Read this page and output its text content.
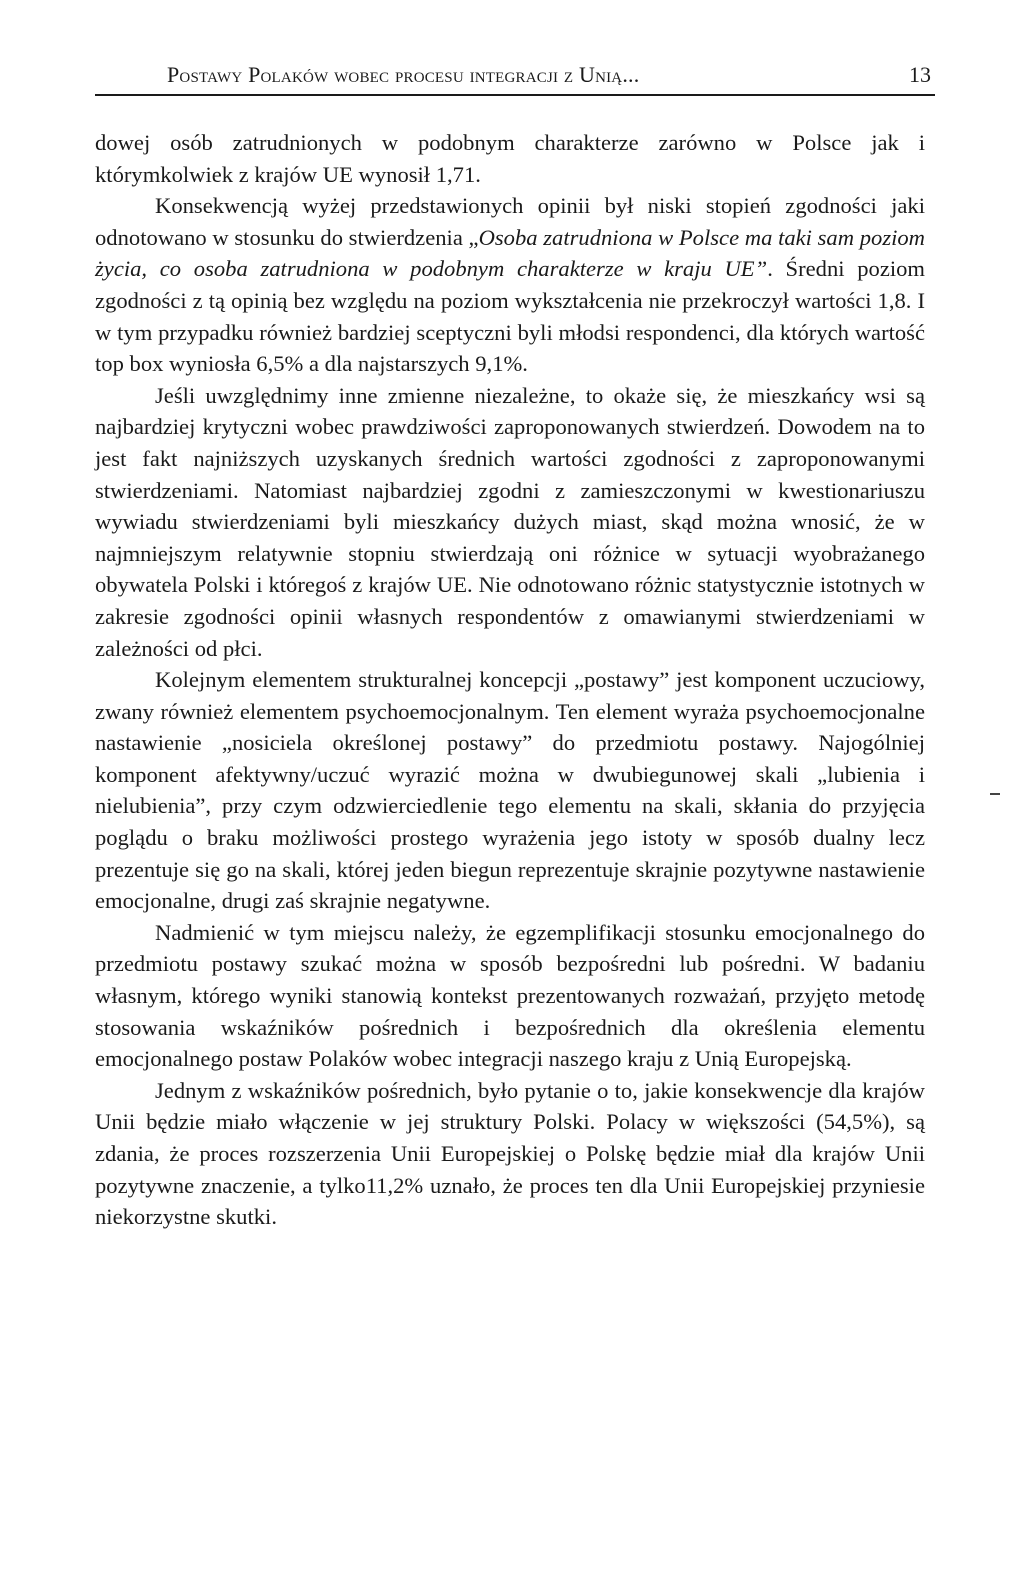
Postawy Polaków wobec procesu integracji z Unią...	13

dowej osób zatrudnionych w podobnym charakterze zarówno w Polsce jak i którymkolwiek z krajów UE wynosił 1,71.

Konsekwencją wyżej przedstawionych opinii był niski stopień zgodności jaki odnotowano w stosunku do stwierdzenia „Osoba zatrudniona w Polsce ma taki sam poziom życia, co osoba zatrudniona w podobnym charakterze w kraju UE”. Średni poziom zgodności z tą opinią bez względu na poziom wykształcenia nie przekroczył wartości 1,8. I w tym przypadku również bardziej sceptyczni byli młodsi respondenci, dla których wartość top box wyniosła 6,5% a dla najstarszych 9,1%.

Jeśli uwzględnimy inne zmienne niezależne, to okaże się, że mieszkańcy wsi są najbardziej krytyczni wobec prawdziwości zaproponowanych stwierdzeń. Dowodem na to jest fakt najniższych uzyskanych średnich wartości zgodności z zaproponowanymi stwierdzeniami. Natomiast najbardziej zgodni z zamieszczonymi w kwestionariuszu wywiadu stwierdzeniami byli mieszkańcy dużych miast, skąd można wnosić, że w najmniejszym relatywnie stopniu stwierdzają oni różnice w sytuacji wyobrażanego obywatela Polski i któregoś z krajów UE. Nie odnotowano różnic statystycznie istotnych w zakresie zgodności opinii własnych respondentów z omawianymi stwierdzeniami w zależności od płci.

Kolejnym elementem strukturalnej koncepcji „postawy” jest komponent uczuciowy, zwany również elementem psychoemocjonalnym. Ten element wyraża psychoemocjonalne nastawienie „nosiciela określonej postawy” do przedmiotu postawy. Najogólniej komponent afektywny/uczuć wyrazić można w dwubiegunowej skali „lubienia i nielubienia”, przy czym odzwierciedlenie tego elementu na skali, skłania do przyjęcia poglądu o braku możliwości prostego wyrażenia jego istoty w sposób dualny lecz prezentuje się go na skali, której jeden biegun reprezentuje skrajnie pozytywne nastawienie emocjonalne, drugi zaś skrajnie negatywne.

Nadmienić w tym miejscu należy, że egzemplifikacji stosunku emocjonalnego do przedmiotu postawy szukać można w sposób bezpośredni lub pośredni. W badaniu własnym, którego wyniki stanowią kontekst prezentowanych rozważań, przyjęto metodę stosowania wskaźników pośrednich i bezpośrednich dla określenia elementu emocjonalnego postaw Polaków wobec integracji naszego kraju z Unią Europejską.

Jednym z wskaźników pośrednich, było pytanie o to, jakie konsekwencje dla krajów Unii będzie miało włączenie w jej struktury Polski. Polacy w większości (54,5%), są zdania, że proces rozszerzenia Unii Europejskiej o Polskę będzie miał dla krajów Unii pozytywne znaczenie, a tylko11,2% uznało, że proces ten dla Unii Europejskiej przyniesie niekorzystne skutki.
